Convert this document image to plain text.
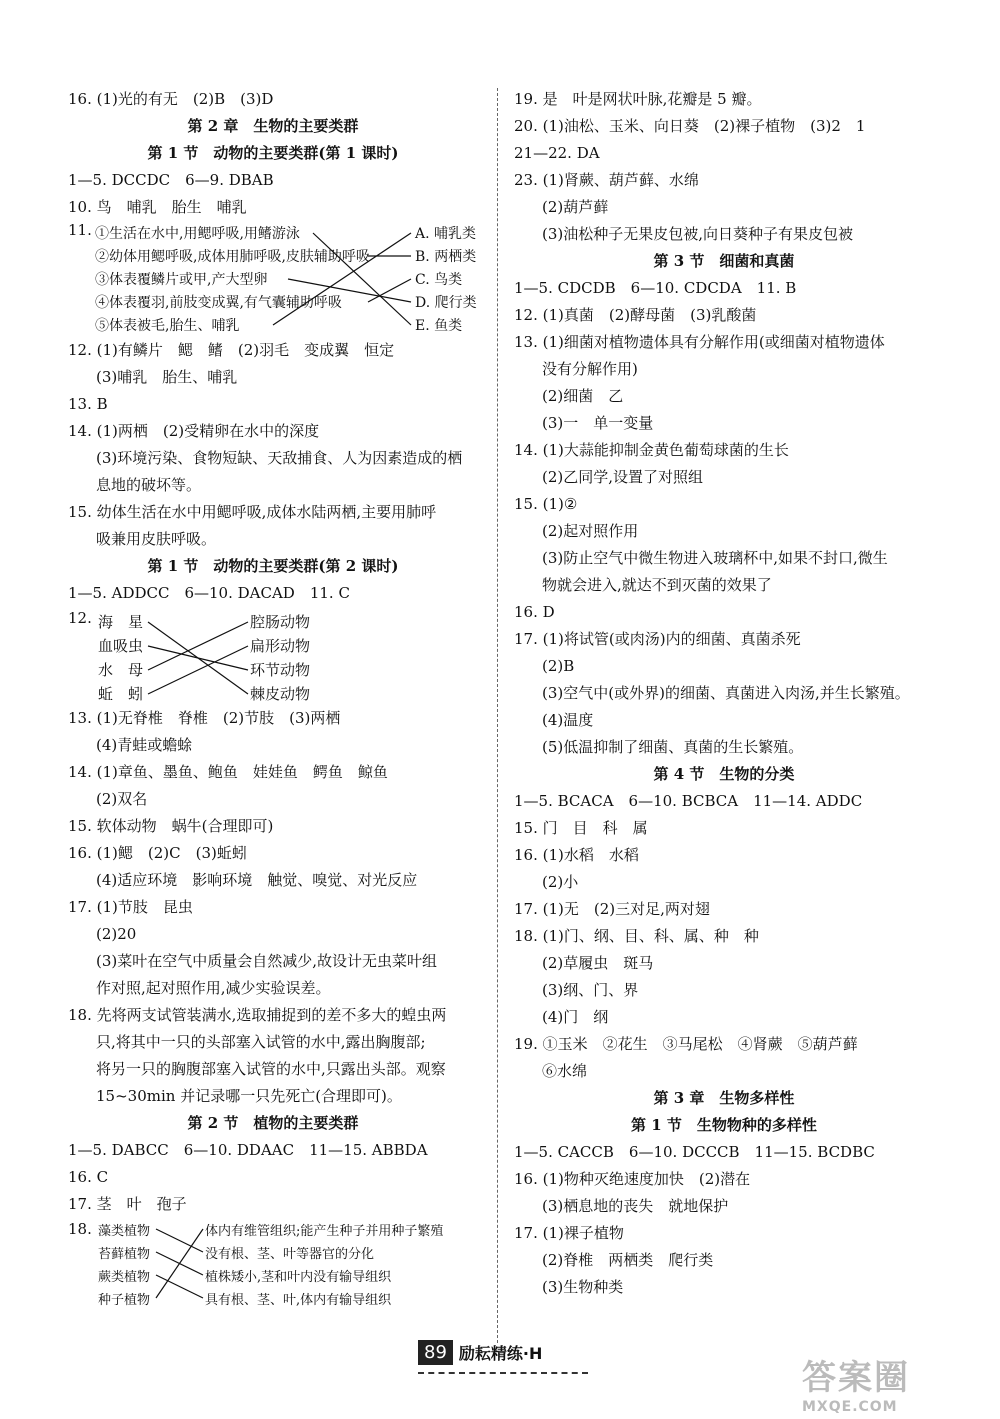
16. (1)光的有无　(2)B　(3)D
第 2 章　生物的主要类群
第 1 节　动物的主要类群(第 1 课时)
1—5. DCCDC　6—9. DBAB
10. 鸟　哺乳　胎生　哺乳
11. ①生活在水中,用鳃呼吸,用鳍游泳
②幼体用鳃呼吸,成体用肺呼吸,皮肤辅助呼吸
③体表覆鳞片或甲,产大型卵
④体表覆羽,前肢变成翼,有气囊辅助呼吸
⑤体表被毛,胎生、哺乳
A. 哺乳类
B. 两栖类
C. 鸟类
D. 爬行类
E. 鱼类
12. (1)有鳞片　鳃　鳍　(2)羽毛　变成翼　恒定
(3)哺乳　胎生、哺乳
13. B
14. (1)两栖　(2)受精卵在水中的深度
(3)环境污染、食物短缺、天敌捕食、人为因素造成的栖
息地的破坏等。
15. 幼体生活在水中用鳃呼吸,成体水陆两栖,主要用肺呼
吸兼用皮肤呼吸。
第 1 节　动物的主要类群(第 2 课时)
1—5. ADDCC　6—10. DACAD　11. C
12. 海　星
血吸虫
水　母
蚯　蚓
腔肠动物
扁形动物
环节动物
棘皮动物
13. (1)无脊椎　脊椎　(2)节肢　(3)两栖
(4)青蛙或蟾蜍
14. (1)章鱼、墨鱼、鲍鱼　娃娃鱼　鳄鱼　鲸鱼
(2)双名
15. 软体动物　蜗牛(合理即可)
16. (1)鳃　(2)C　(3)蚯蚓
(4)适应环境　影响环境　触觉、嗅觉、对光反应
17. (1)节肢　昆虫
(2)20
(3)菜叶在空气中质量会自然减少,故设计无虫菜叶组
作对照,起对照作用,减少实验误差。
18. 先将两支试管装满水,选取捕捉到的差不多大的蝗虫两
只,将其中一只的头部塞入试管的水中,露出胸腹部;
将另一只的胸腹部塞入试管的水中,只露出头部。观察
15~30min 并记录哪一只先死亡(合理即可)。
第 2 节　植物的主要类群
1—5. DABCC　6—10. DDAAC　11—15. ABBDA
16. C
17. 茎　叶　孢子
18. 藻类植物
苔藓植物
蕨类植物
种子植物
体内有维管组织;能产生种子并用种子繁殖
没有根、茎、叶等器官的分化
植株矮小,茎和叶内没有输导组织
具有根、茎、叶,体内有输导组织
19. 是　叶是网状叶脉,花瓣是 5 瓣。
20. (1)油松、玉米、向日葵　(2)裸子植物　(3)2　1
21—22. DA
23. (1)肾蕨、葫芦藓、水绵
(2)葫芦藓
(3)油松种子无果皮包被,向日葵种子有果皮包被
第 3 节　细菌和真菌
1—5. CDCDB　6—10. CDCDA　11. B
12. (1)真菌　(2)酵母菌　(3)乳酸菌
13. (1)细菌对植物遗体具有分解作用(或细菌对植物遗体
没有分解作用)
(2)细菌　乙
(3)一　单一变量
14. (1)大蒜能抑制金黄色葡萄球菌的生长
(2)乙同学,设置了对照组
15. (1)②
(2)起对照作用
(3)防止空气中微生物进入玻璃杯中,如果不封口,微生
物就会进入,就达不到灭菌的效果了
16. D
17. (1)将试管(或肉汤)内的细菌、真菌杀死
(2)B
(3)空气中(或外界)的细菌、真菌进入肉汤,并生长繁殖。
(4)温度
(5)低温抑制了细菌、真菌的生长繁殖。
第 4 节　生物的分类
1—5. BCACA　6—10. BCBCA　11—14. ADDC
15. 门　目　科　属
16. (1)水稻　水稻
(2)小
17. (1)无　(2)三对足,两对翅
18. (1)门、纲、目、科、属、种　种
(2)草履虫　斑马
(3)纲、门、界
(4)门　纲
19. ①玉米　②花生　③马尾松　④肾蕨　⑤葫芦藓
⑥水绵
第 3 章　生物多样性
第 1 节　生物物种的多样性
1—5. CACCB　6—10. DCCCB　11—15. BCDBC
16. (1)物种灭绝速度加快　(2)潜在
(3)栖息地的丧失　就地保护
17. (1)裸子植物
(2)脊椎　两栖类　爬行类
(3)生物种类
89 励耘精练·H
答案圈
MXQE.COM
